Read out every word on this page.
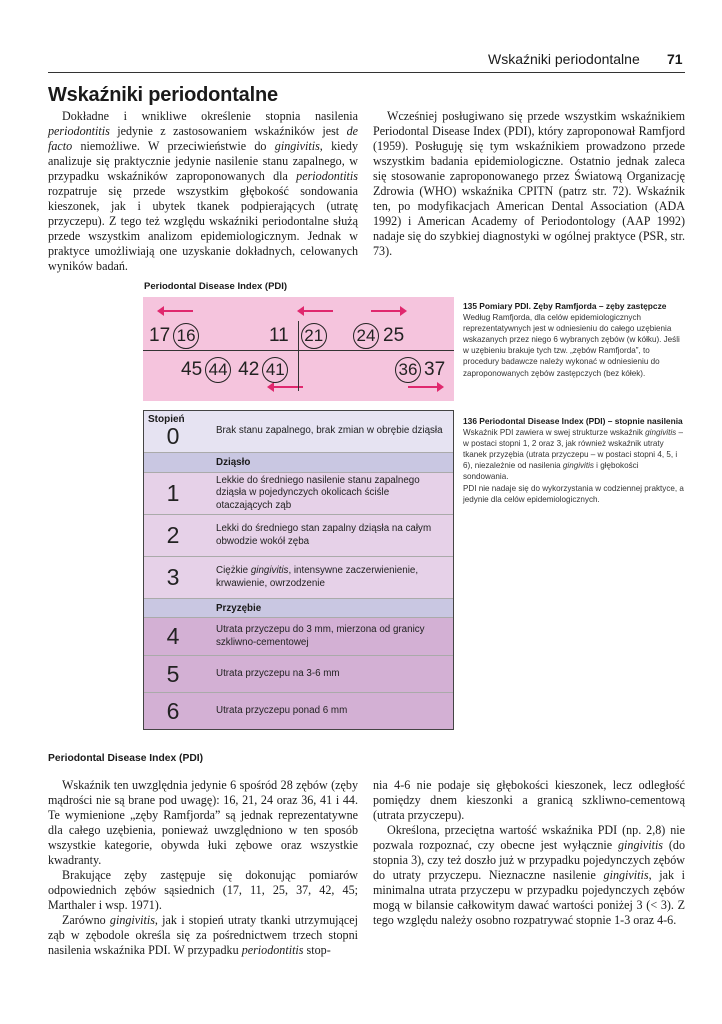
Wskaźniki periodontalne 71
Wskaźniki periodontalne

Dokładne i wnikliwe określenie stopnia nasilenia periodontitis jedynie z zastosowaniem wskaźników jest de facto niemożliwe. W przeciwieństwie do gingivitis, kiedy analizuje się praktycznie jedynie nasilenie stanu zapalnego, w przypadku wskaźników zaproponowanych dla periodontitis rozpatruje się przede wszystkim głębokość sondowania kieszonek, jak i ubytek tkanek podpierających (utratę przyczepu). Z tego też względu wskaźniki periodontalne służą przede wszystkim analizom epidemiologicznym. Jednak w praktyce umożliwiają one uzyskanie dokładnych, celowanych wyników badań.

Wcześniej posługiwano się przede wszystkim wskaźnikiem Periodontal Disease Index (PDI), który zaproponował Ramfjord (1959). Posługuję się tym wskaźnikiem prowadzono przede wszystkim badania epidemiologiczne. Ostatnio jednak zaleca się stosowanie zaproponowanego przez Światową Organizację Zdrowia (WHO) wskaźnika CPITN (patrz str. 72). Wskaźnik ten, po modyfikacjach American Dental Association (ADA 1992) i American Academy of Periodontology (AAP 1992) nadaje się do szybkiej diagnostyki w ogólnej praktyce (PSR, str. 73).

Periodontal Disease Index (PDI)
17 16	11 21 24 25
45 44 42 41	36 37
135 Pomiary PDI. Zęby Ramfjorda – zęby zastępcze
Według Ramfjorda, dla celów epidemiologicznych reprezentatywnych jest w odniesieniu do całego uzębienia wskazanych przez niego 6 wybranych zębów (w kółku). Jeśli w uzębieniu brakuje tych tzw. „zębów Ramfjorda”, to procedury badawcze należy wykonać w odniesieniu do zaproponowanych zębów zastępczych (bez kółek).
136 Periodontal Disease Index (PDI) – stopnie nasilenia
Wskaźnik PDI zawiera w swej strukturze wskaźnik gingivitis – w postaci stopni 1, 2 oraz 3, jak również wskaźnik utraty tkanek przyzębia (utrata przyczepu – w postaci stopni 4, 5, i 6), niezależnie od nasilenia gingivitis i głębokości sondowania.
PDI nie nadaje się do wykorzystania w codziennej praktyce, a jedynie dla celów epidemiologicznych.
Stopień
0	Brak stanu zapalnego, brak zmian w obrębie dziąsła
Dziąsło
1	Lekkie do średniego nasilenie stanu zapalnego dziąsła w pojedynczych okolicach ściśle otaczających ząb
2	Lekki do średniego stan zapalny dziąsła na całym obwodzie wokół zęba
3	Ciężkie gingivitis, intensywne zaczerwienienie, krwawienie, owrzodzenie
Przyzębie
4	Utrata przyczepu do 3 mm, mierzona od granicy szkliwno-cementowej
5	Utrata przyczepu na 3-6 mm
6	Utrata przyczepu ponad 6 mm
Periodontal Disease Index (PDI)

Wskaźnik ten uwzględnia jedynie 6 spośród 28 zębów (zęby mądrości nie są brane pod uwagę): 16, 21, 24 oraz 36, 41 i 44. Te wymienione „zęby Ramfjorda” są jednak reprezentatywne dla całego uzębienia, ponieważ uwzględniono w ten sposób wszystkie kategorie, obywda łuki zębowe oraz wszystkie kwadranty.

Brakujące zęby zastępuje się dokonując pomiarów odpowiednich zębów sąsiednich (17, 11, 25, 37, 42, 45; Marthaler i wsp. 1971).

Zarówno gingivitis, jak i stopień utraty tkanki utrzymującej ząb w zębodole określa się za pośrednictwem trzech stopni nasilenia wskaźnika PDI. W przypadku periodontitis stop-

nia 4-6 nie podaje się głębokości kieszonek, lecz odległość pomiędzy dnem kieszonki a granicą szkliwno-cementową (utrata przyczepu).

Określona, przeciętna wartość wskaźnika PDI (np. 2,8) nie pozwala rozpoznać, czy obecne jest wyłącznie gingivitis (do stopnia 3), czy też doszło już w przypadku pojedynczych zębów do utraty przyczepu. Nieznaczne nasilenie gingivitis, jak i minimalna utrata przyczepu w przypadku pojedynczych zębów mogą w bilansie całkowitym dawać wartości poniżej 3 (< 3). Z tego względu należy osobno rozpatrywać stopnie 1-3 oraz 4-6.
